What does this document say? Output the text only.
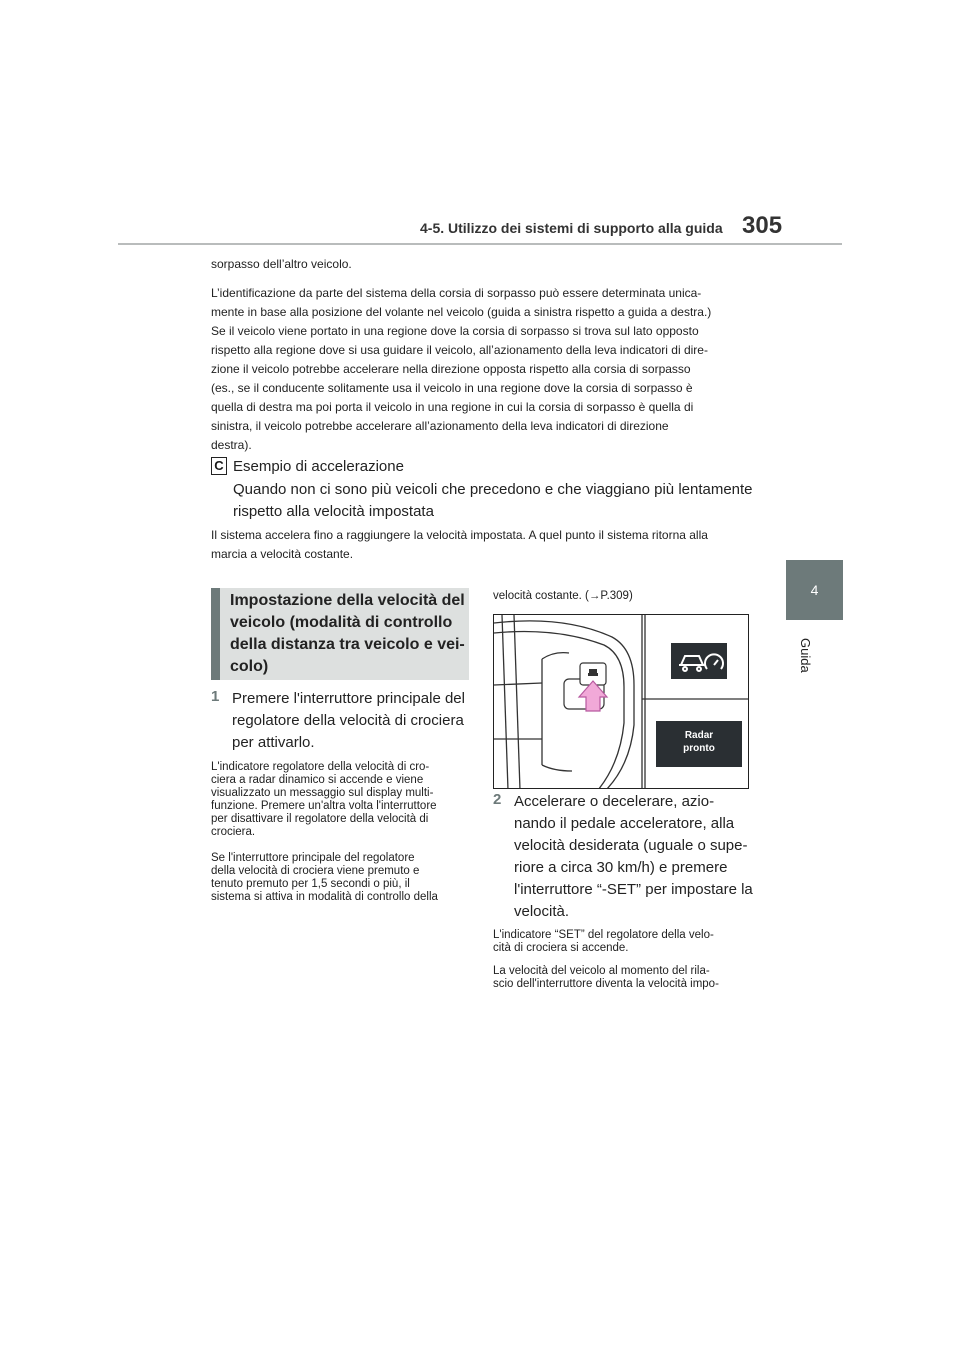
4-5. Utilizzo dei sistemi di supporto alla guida 305
4
Guida
sorpasso dell’altro veicolo.
L’identificazione da parte del sistema della corsia di sorpasso può essere determinata unica-
mente in base alla posizione del volante nel veicolo (guida a sinistra rispetto a guida a destra.)
Se il veicolo viene portato in una regione dove la corsia di sorpasso si trova sul lato opposto
rispetto alla regione dove si usa guidare il veicolo, all’azionamento della leva indicatori di dire-
zione il veicolo potrebbe accelerare nella direzione opposta rispetto alla corsia di sorpasso
(es., se il conducente solitamente usa il veicolo in una regione dove la corsia di sorpasso è
quella di destra ma poi porta il veicolo in una regione in cui la corsia di sorpasso è quella di
sinistra, il veicolo potrebbe accelerare all’azionamento della leva indicatori di direzione
destra).
C Esempio di accelerazione
Quando non ci sono più veicoli che precedono e che viaggiano più lentamente
rispetto alla velocità impostata
Il sistema accelera fino a raggiungere la velocità impostata. A quel punto il sistema ritorna alla
marcia a velocità costante.
Impostazione della velocità del
veicolo (modalità di controllo
della distanza tra veicolo e vei-
colo)
1 Premere l'interruttore principale del
regolatore della velocità di crociera
per attivarlo.
L'indicatore regolatore della velocità di cro-
ciera a radar dinamico si accende e viene
visualizzato un messaggio sul display multi-
funzione. Premere un'altra volta l'interruttore
per disattivare il regolatore della velocità di
crociera.
Se l'interruttore principale del regolatore
della velocità di crociera viene premuto e
tenuto premuto per 1,5 secondi o più, il
sistema si attiva in modalità di controllo della
velocità costante. (→P.309)
Radar
pronto
2 Accelerare o decelerare, azio-
nando il pedale acceleratore, alla
velocità desiderata (uguale o supe-
riore a circa 30 km/h) e premere
l'interruttore “-SET” per impostare la
velocità.
L'indicatore “SET” del regolatore della velo-
cità di crociera si accende.
La velocità del veicolo al momento del rila-
scio dell'interruttore diventa la velocità impo-
